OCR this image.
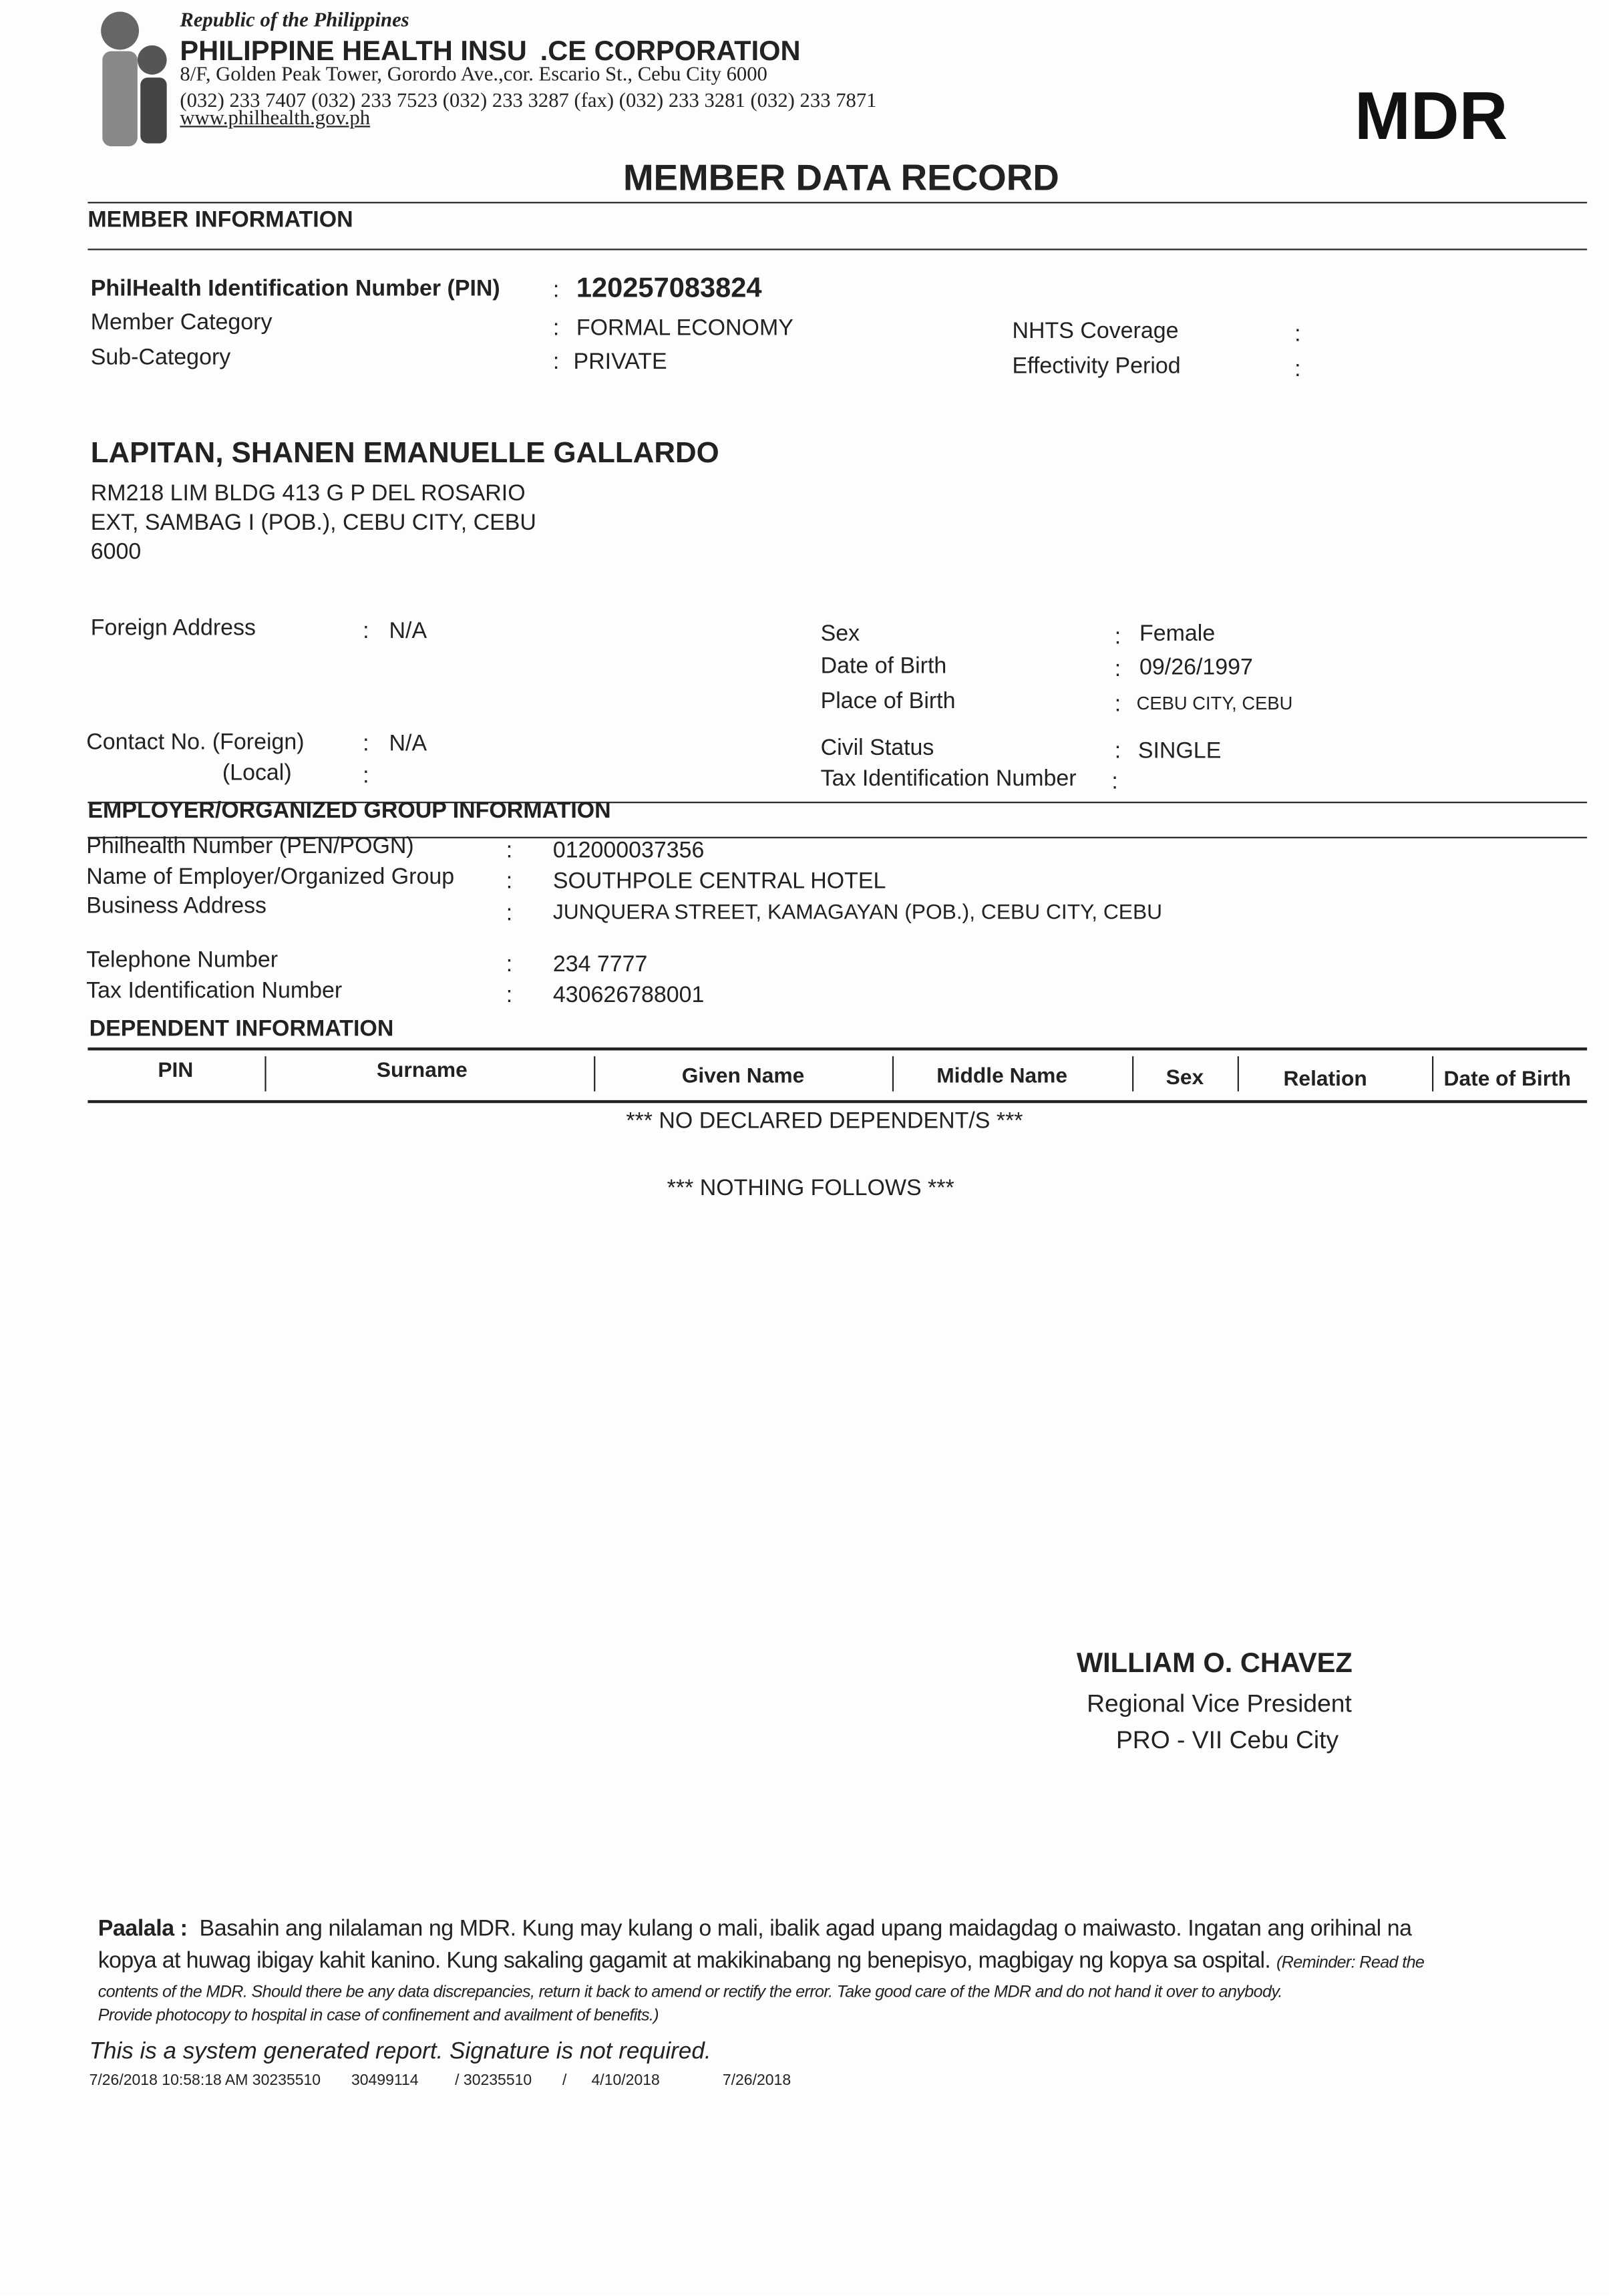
Republic of the Philippines
PHILIPPINE HEALTH INSU  .CE CORPORATION
8/F, Golden Peak Tower, Gorordo Ave.,cor. Escario St., Cebu City 6000
(032) 233 7407 (032) 233 7523 (032) 233 3287 (fax) (032) 233 3281 (032) 233 7871
www.philhealth.gov.ph	MDR
MEMBER DATA RECORD
MEMBER INFORMATION
PhilHealth Identification Number (PIN)	: 120257083824
Member Category	: FORMAL ECONOMY
Sub-Category	: PRIVATE
NHTS Coverage	:
Effectivity Period	:
LAPITAN, SHANEN EMANUELLE GALLARDO
RM218 LIM BLDG 413 G P DEL ROSARIO
EXT, SAMBAG I (POB.), CEBU CITY, CEBU
6000
Foreign Address	: N/A
Contact No. (Foreign)	: N/A
(Local)	:
Sex	: Female
Date of Birth	: 09/26/1997
Place of Birth	: CEBU CITY, CEBU
Civil Status	: SINGLE
Tax Identification Number	:
EMPLOYER/ORGANIZED GROUP INFORMATION
Philhealth Number (PEN/POGN)	:	012000037356
Name of Employer/Organized Group	:	SOUTHPOLE CENTRAL HOTEL
Business Address	:	JUNQUERA STREET, KAMAGAYAN (POB.), CEBU CITY, CEBU
Telephone Number	:	234 7777
Tax Identification Number	:	430626788001
DEPENDENT INFORMATION
PIN	Surname	Given Name	Middle Name	Sex	Relation	Date of Birth
*** NO DECLARED DEPENDENT/S ***
*** NOTHING FOLLOWS ***
WILLIAM O. CHAVEZ
Regional Vice President
PRO - VII Cebu City
Paalala : Basahin ang nilalaman ng MDR. Kung may kulang o mali, ibalik agad upang maidagdag o maiwasto. Ingatan ang orihinal na
kopya at huwag ibigay kahit kanino. Kung sakaling gagamit at makikinabang ng benepisyo, magbigay ng kopya sa ospital. (Reminder: Read the
contents of the MDR. Should there be any data discrepancies, return it back to amend or rectify the error. Take good care of the MDR and do not hand it over to anybody.
Provide photocopy to hospital in case of confinement and availment of benefits.)
This is a system generated report. Signature is not required.
7/26/2018 10:58:18 AM 30235510	30499114	/ 30235510	/	4/10/2018	7/26/2018
